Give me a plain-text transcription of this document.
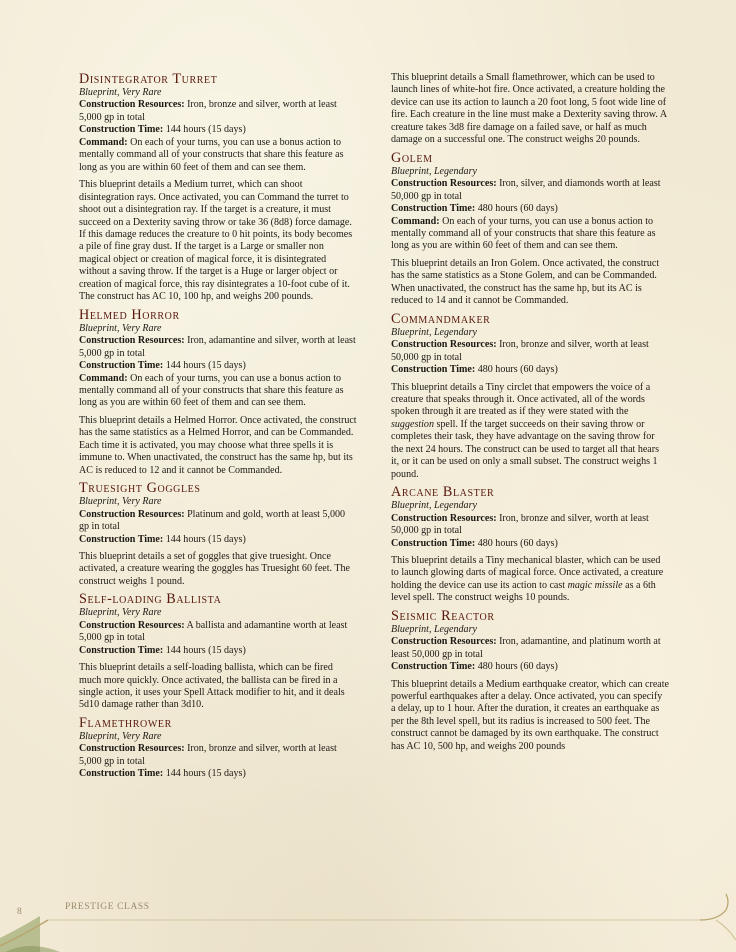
Disintegrator Turret
Blueprint, Very Rare
Construction Resources: Iron, bronze and silver, worth at least 5,000 gp in total
Construction Time: 144 hours (15 days)
Command: On each of your turns, you can use a bonus action to mentally command all of your constructs that share this feature as long as you are within 60 feet of them and can see them.

This blueprint details a Medium turret, which can shoot disintegration rays. Once activated, you can Command the turret to shoot out a disintegration ray. If the target is a creature, it must succeed on a Dexterity saving throw or take 36 (8d8) force damage. If this damage reduces the creature to 0 hit points, its body becomes a pile of fine gray dust. If the target is a Large or smaller non magical object or creation of magical force, it is disintegrated without a saving throw. If the target is a Huge or larger object or creation of magical force, this ray disintegrates a 10-foot cube of it. The construct has AC 10, 100 hp, and weighs 200 pounds.

Helmed Horror
Blueprint, Very Rare
Construction Resources: Iron, adamantine and silver, worth at least 5,000 gp in total
Construction Time: 144 hours (15 days)
Command: On each of your turns, you can use a bonus action to mentally command all of your constructs that share this feature as long as you are within 60 feet of them and can see them.

This blueprint details a Helmed Horror. Once activated, the construct has the same statistics as a Helmed Horror, and can be Commanded. Each time it is activated, you may choose what three spells it is immune to. When unactivated, the construct has the same hp, but its AC is reduced to 12 and it cannot be Commanded.

Truesight Goggles
Blueprint, Very Rare
Construction Resources: Platinum and gold, worth at least 5,000 gp in total
Construction Time: 144 hours (15 days)

This blueprint details a set of goggles that give truesight. Once activated, a creature wearing the goggles has Truesight 60 feet. The construct weighs 1 pound.

Self-loading Ballista
Blueprint, Very Rare
Construction Resources: A ballista and adamantine worth at least 5,000 gp in total
Construction Time: 144 hours (15 days)

This blueprint details a self-loading ballista, which can be fired much more quickly. Once activated, the ballista can be fired in a single action, it uses your Spell Attack modifier to hit, and it deals 5d10 damage rather than 3d10.

Flamethrower
Blueprint, Very Rare
Construction Resources: Iron, bronze and silver, worth at least 5,000 gp in total
Construction Time: 144 hours (15 days)

This blueprint details a Small flamethrower, which can be used to launch lines of white-hot fire. Once activated, a creature holding the device can use its action to launch a 20 foot long, 5 foot wide line of fire. Each creature in the line must make a Dexterity saving throw. A creature takes 3d8 fire damage on a failed save, or half as much damage on a successful one. The construct weighs 20 pounds.

Golem
Blueprint, Legendary
Construction Resources: Iron, silver, and diamonds worth at least 50,000 gp in total
Construction Time: 480 hours (60 days)
Command: On each of your turns, you can use a bonus action to mentally command all of your constructs that share this feature as long as you are within 60 feet of them and can see them.

This blueprint details an Iron Golem. Once activated, the construct has the same statistics as a Stone Golem, and can be Commanded. When unactivated, the construct has the same hp, but its AC is reduced to 14 and it cannot be Commanded.

Commandmaker
Blueprint, Legendary
Construction Resources: Iron, bronze and silver, worth at least 50,000 gp in total
Construction Time: 480 hours (60 days)

This blueprint details a Tiny circlet that empowers the voice of a creature that speaks through it. Once activated, all of the words spoken through it are treated as if they were stated with the suggestion spell. If the target succeeds on their saving throw or completes their task, they have advantage on the saving throw for the next 24 hours. The construct can be used to target all that hears it, or it can be used on only a small subset. The construct weighs 1 pound.

Arcane Blaster
Blueprint, Legendary
Construction Resources: Iron, bronze and silver, worth at least 50,000 gp in total
Construction Time: 480 hours (60 days)

This blueprint details a Tiny mechanical blaster, which can be used to launch glowing darts of magical force. Once activated, a creature holding the device can use its action to cast magic missile as a 6th level spell. The construct weighs 10 pounds.

Seismic Reactor
Blueprint, Legendary
Construction Resources: Iron, adamantine, and platinum worth at least 50,000 gp in total
Construction Time: 480 hours (60 days)

This blueprint details a Medium earthquake creator, which can create powerful earthquakes after a delay. Once activated, you can specify a delay, up to 1 hour. After the duration, it creates an earthquake as per the 8th level spell, but its radius is increased to 500 feet. The construct cannot be damaged by its own earthquake. The construct has AC 10, 500 hp, and weighs 200 pounds

8	PRESTIGE CLASS
